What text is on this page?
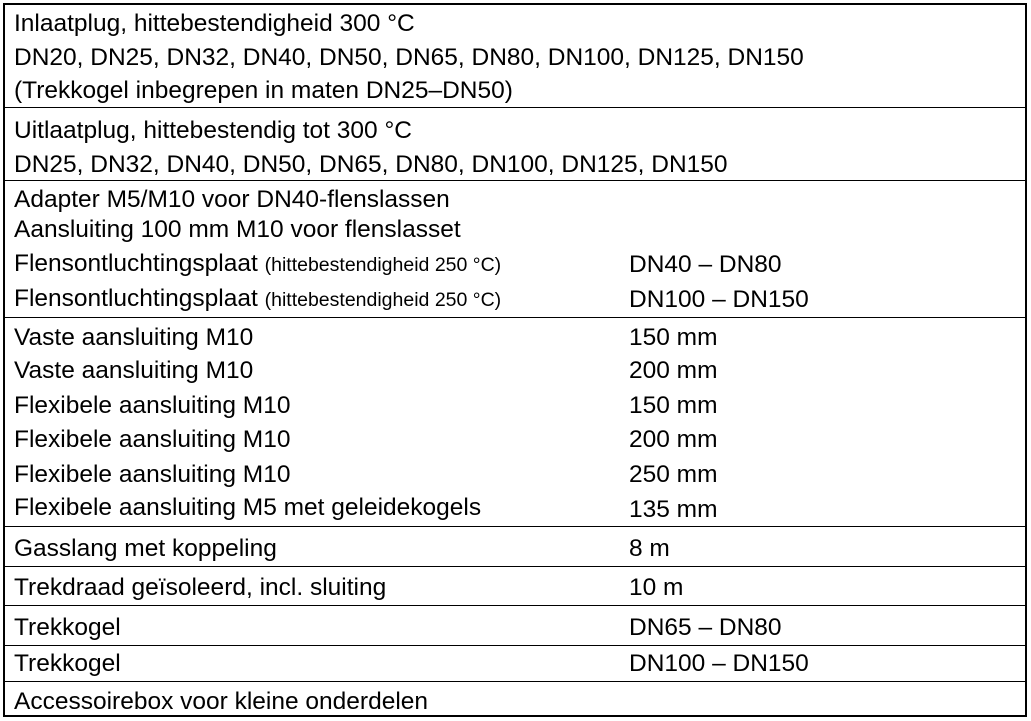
Inlaatplug, hittebestendigheid 300 °C
DN20, DN25, DN32, DN40, DN50, DN65, DN80, DN100, DN125, DN150
(Trekkogel inbegrepen in maten DN25–DN50)
Uitlaatplug, hittebestendig tot 300 °C
DN25, DN32, DN40, DN50, DN65, DN80, DN100, DN125, DN150
Adapter M5/M10 voor DN40-flenslassen
Aansluiting 100 mm M10 voor flenslasset
Flensontluchtingsplaat (hittebestendigheid 250 °C)	DN40 – DN80
Flensontluchtingsplaat (hittebestendigheid 250 °C)	DN100 – DN150
Vaste aansluiting M10	150 mm
Vaste aansluiting M10	200 mm
Flexibele aansluiting M10	150 mm
Flexibele aansluiting M10	200 mm
Flexibele aansluiting M10	250 mm
Flexibele aansluiting M5 met geleidekogels	135 mm
Gasslang met koppeling	8 m
Trekdraad geïsoleerd, incl. sluiting	10 m
Trekkogel	DN65 – DN80
Trekkogel	DN100 – DN150
Accessoirebox voor kleine onderdelen
